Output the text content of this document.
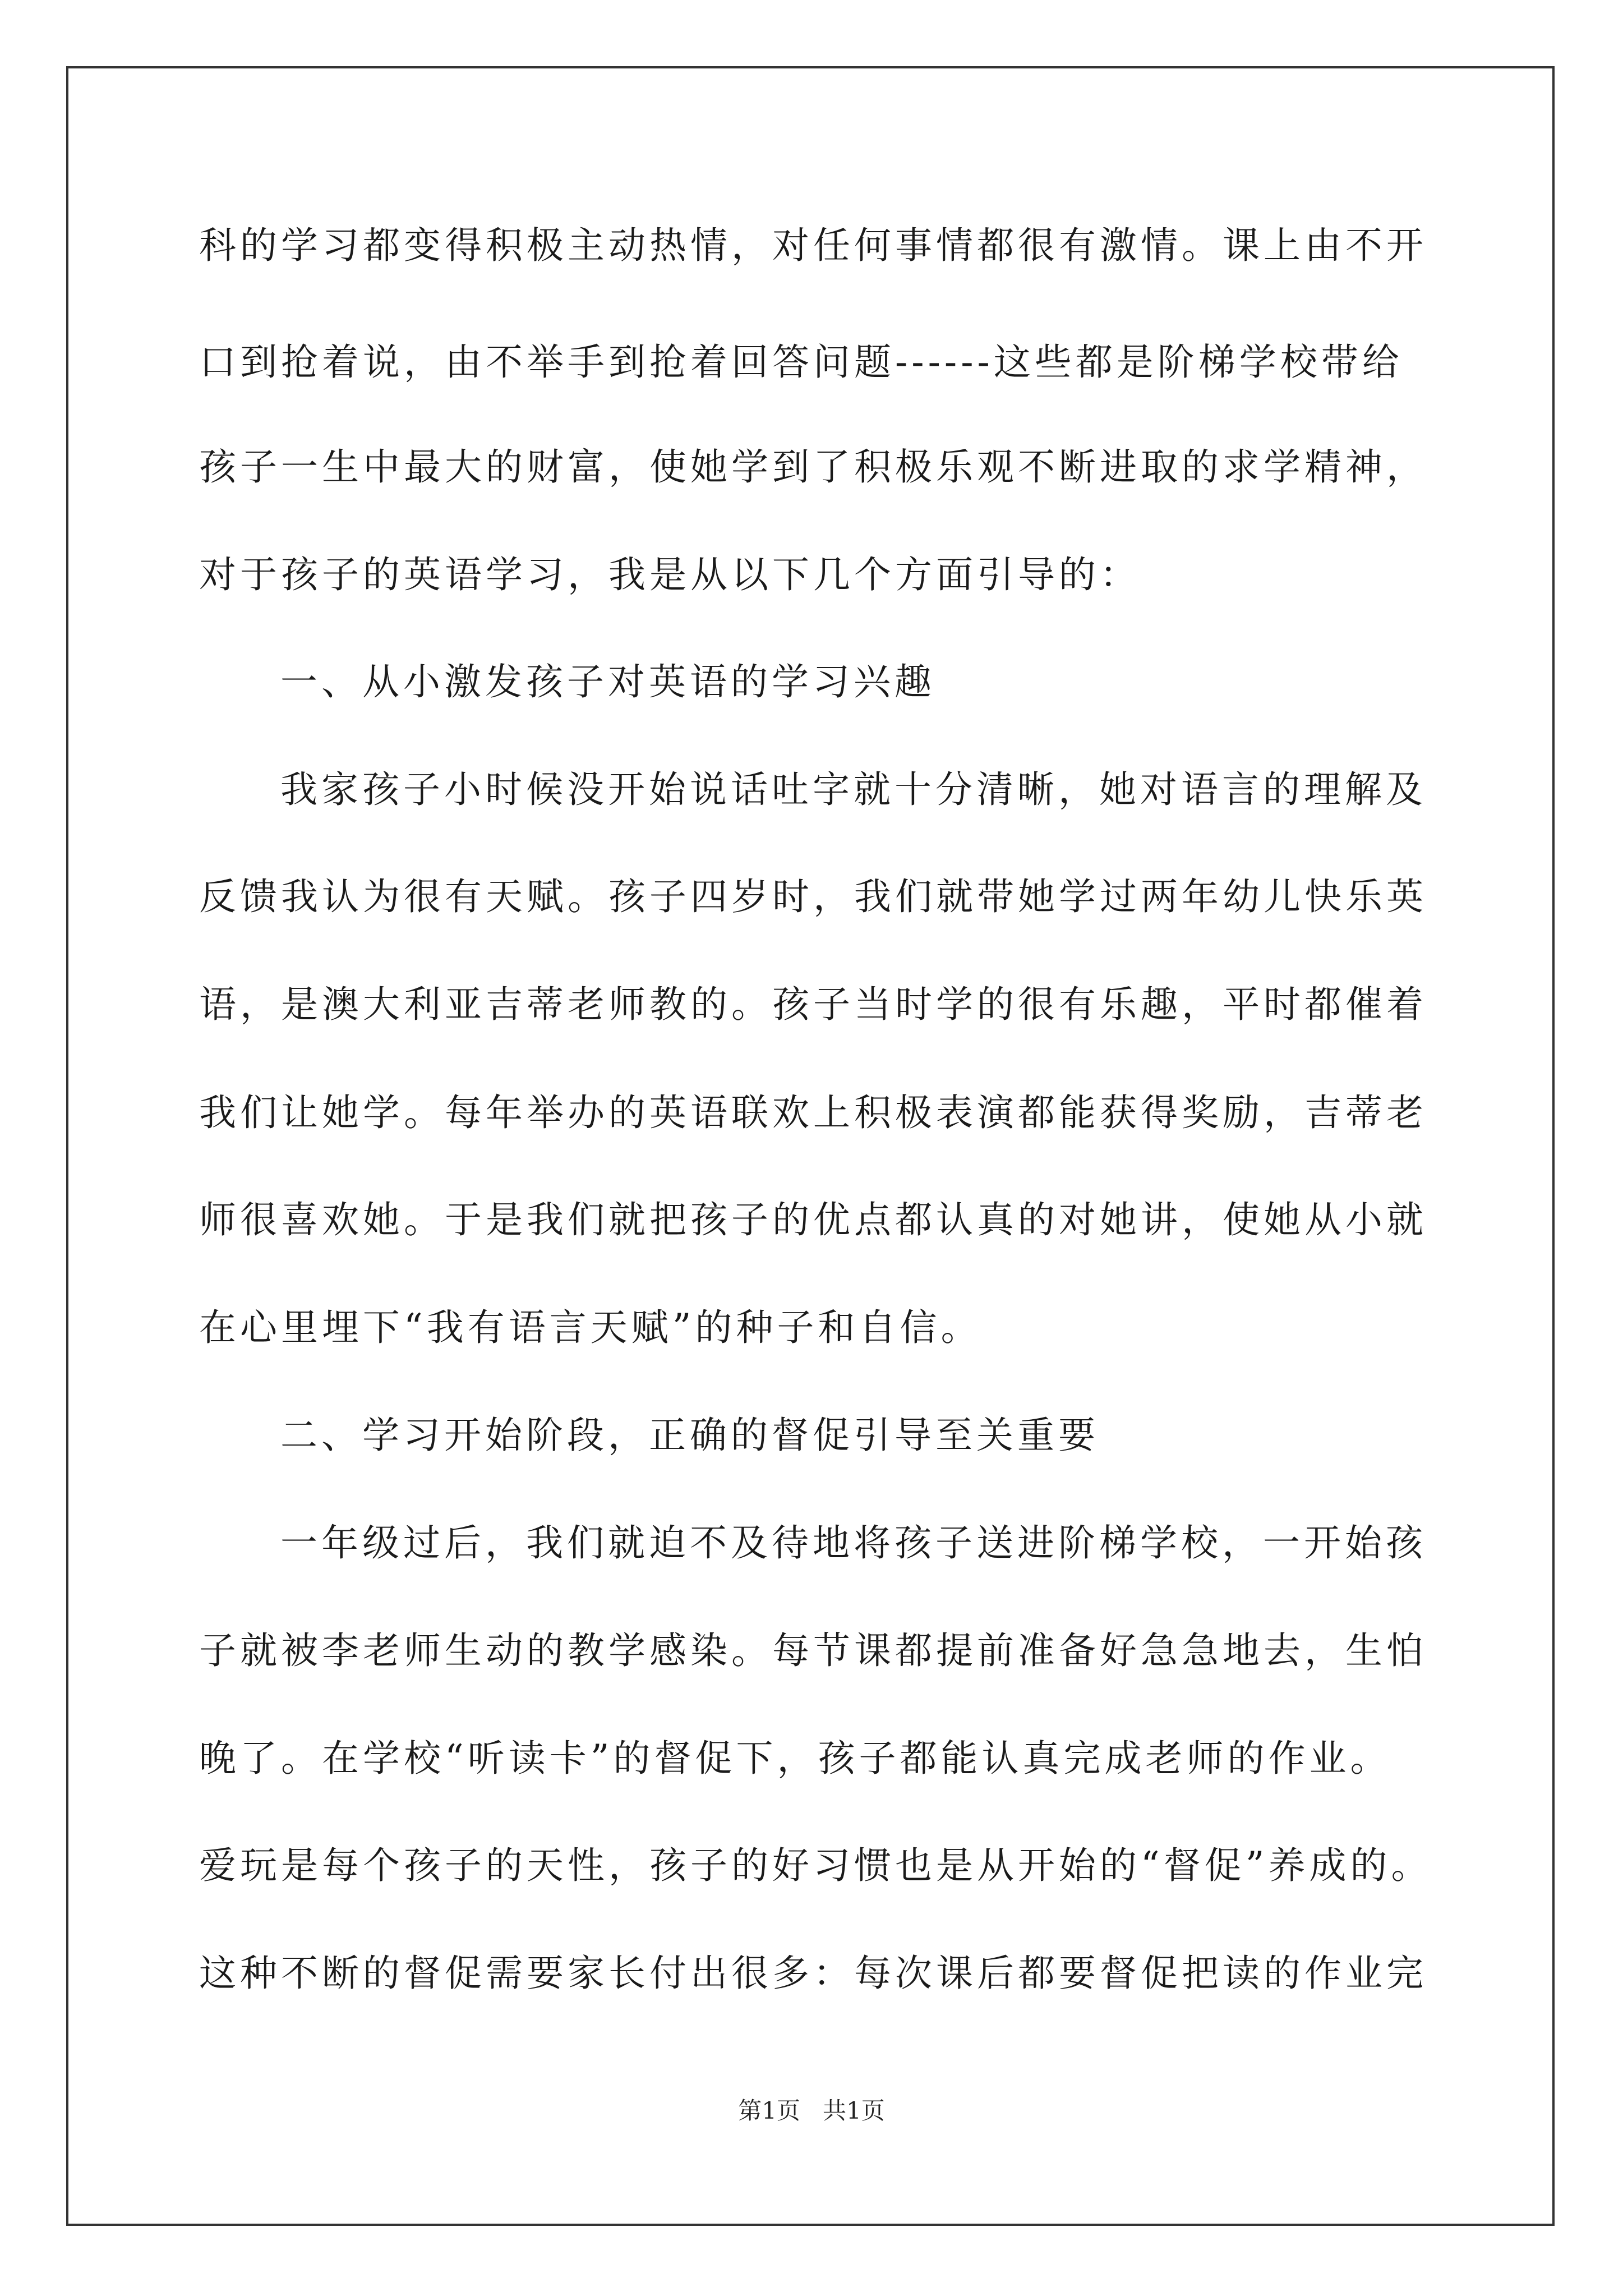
科的学习都变得积极主动热情，对任何事情都很有激情。课上由不开

口到抢着说，由不举手到抢着回答问题------这些都是阶梯学校带给

孩子一生中最大的财富，使她学到了积极乐观不断进取的求学精神，

对于孩子的英语学习，我是从以下几个方面引导的：

一、从小激发孩子对英语的学习兴趣

我家孩子小时候没开始说话吐字就十分清晰，她对语言的理解及

反馈我认为很有天赋。孩子四岁时，我们就带她学过两年幼儿快乐英

语，是澳大利亚吉蒂老师教的。孩子当时学的很有乐趣，平时都催着

我们让她学。每年举办的英语联欢上积极表演都能获得奖励，吉蒂老

师很喜欢她。于是我们就把孩子的优点都认真的对她讲，使她从小就

在心里埋下“我有语言天赋”的种子和自信。

二、学习开始阶段，正确的督促引导至关重要

一年级过后，我们就迫不及待地将孩子送进阶梯学校，一开始孩

子就被李老师生动的教学感染。每节课都提前准备好急急地去，生怕

晚了。在学校“听读卡”的督促下，孩子都能认真完成老师的作业。

爱玩是每个孩子的天性，孩子的好习惯也是从开始的“督促”养成的。

这种不断的督促需要家长付出很多：每次课后都要督促把读的作业完

第1页   共1页
